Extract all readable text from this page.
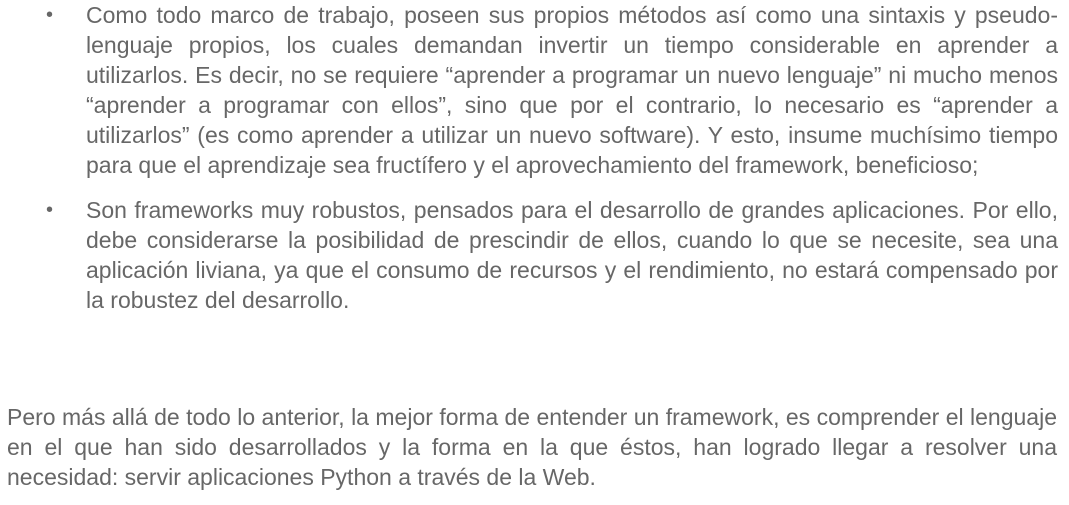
• Como todo marco de trabajo, poseen sus propios métodos así como una sintaxis y pseudo-lenguaje propios, los cuales demandan invertir un tiempo considerable en aprender a utilizarlos. Es decir, no se requiere “aprender a programar un nuevo lenguaje” ni mucho menos “aprender a programar con ellos”, sino que por el contrario, lo necesario es “aprender a utilizarlos” (es como aprender a utilizar un nuevo software). Y esto, insume muchísimo tiempo para que el aprendizaje sea fructífero y el aprovechamiento del framework, beneficioso;
• Son frameworks muy robustos, pensados para el desarrollo de grandes aplicaciones. Por ello, debe considerarse la posibilidad de prescindir de ellos, cuando lo que se necesite, sea una aplicación liviana, ya que el consumo de recursos y el rendimiento, no estará compensado por la robustez del desarrollo.

Pero más allá de todo lo anterior, la mejor forma de entender un framework, es comprender el lenguaje en el que han sido desarrollados y la forma en la que éstos, han logrado llegar a resolver una necesidad: servir aplicaciones Python a través de la Web.
